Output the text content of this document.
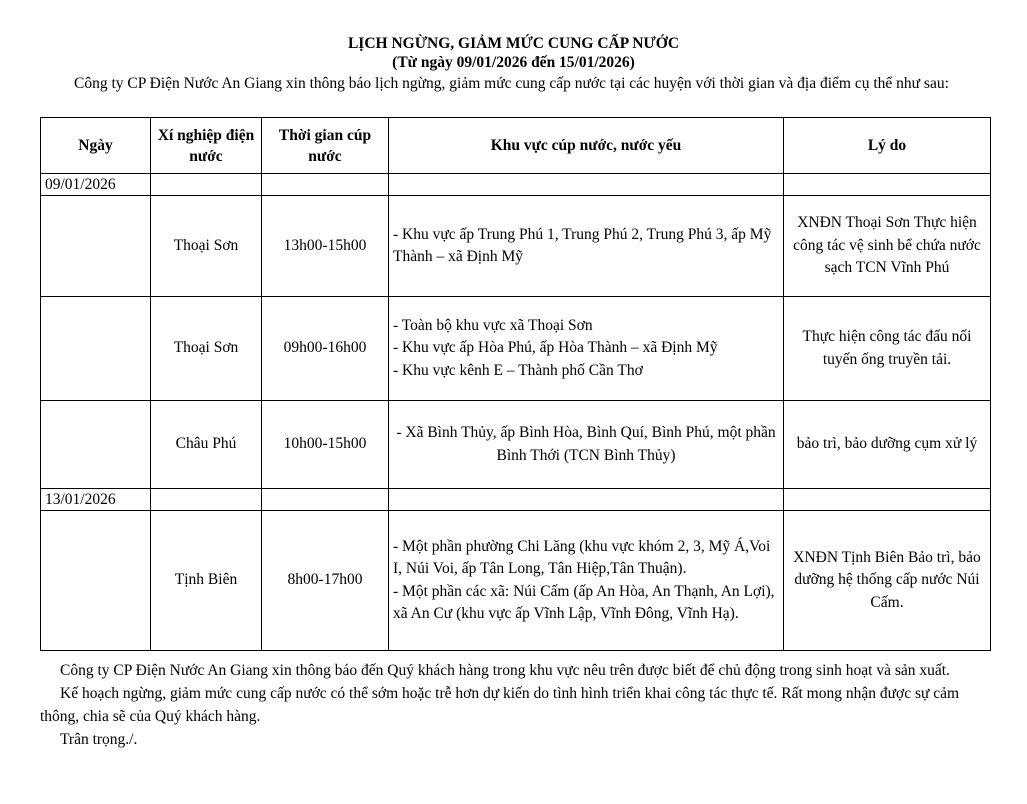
LỊCH NGỪNG, GIẢM MỨC CUNG CẤP NƯỚC
(Từ ngày 09/01/2026 đến 15/01/2026)
Công ty CP Điện Nước An Giang xin thông báo lịch ngừng, giảm mức cung cấp nước tại các huyện với thời gian và địa điểm cụ thể như sau:
Ngày	Xí nghiệp điện nước	Thời gian cúp nước	Khu vực cúp nước, nước yếu	Lý do
09/01/2026				
	Thoại Sơn	13h00-15h00	- Khu vực ấp Trung Phú 1, Trung Phú 2, Trung Phú 3, ấp Mỹ Thành – xã Định Mỹ	XNĐN Thoại Sơn Thực hiện công tác vệ sinh bể chứa nước sạch TCN Vĩnh Phú
	Thoại Sơn	09h00-16h00	- Toàn bộ khu vực xã Thoại Sơn
- Khu vực ấp Hòa Phú, ấp Hòa Thành – xã Định Mỹ
- Khu vực kênh E – Thành phố Cần Thơ	Thực hiện công tác đấu nối tuyến ống truyền tải.
	Châu Phú	10h00-15h00	- Xã Bình Thủy, ấp Bình Hòa, Bình Quí, Bình Phú, một phần Bình Thới (TCN Bình Thủy)	bảo trì, bảo dưỡng cụm xử lý
13/01/2026				
	Tịnh Biên	8h00-17h00	- Một phần phường Chi Lăng (khu vực khóm 2, 3, Mỹ Á,Voi I, Núi Voi, ấp Tân Long, Tân Hiệp,Tân Thuận).
- Một phần các xã: Núi Cấm (ấp An Hòa, An Thạnh, An Lợi), xã An Cư (khu vực ấp Vĩnh Lập, Vĩnh Đông, Vĩnh Hạ).	XNĐN Tịnh Biên Bảo trì, bảo dưỡng hệ thống cấp nước Núi Cấm.

Công ty CP Điện Nước An Giang xin thông báo đến Quý khách hàng trong khu vực nêu trên được biết để chủ động trong sinh hoạt và sản xuất.

Kế hoạch ngừng, giảm mức cung cấp nước có thể sớm hoặc trễ hơn dự kiến do tình hình triển khai công tác thực tế. Rất mong nhận được sự cảm thông, chia sẽ của Quý khách hàng.

Trân trọng./.
